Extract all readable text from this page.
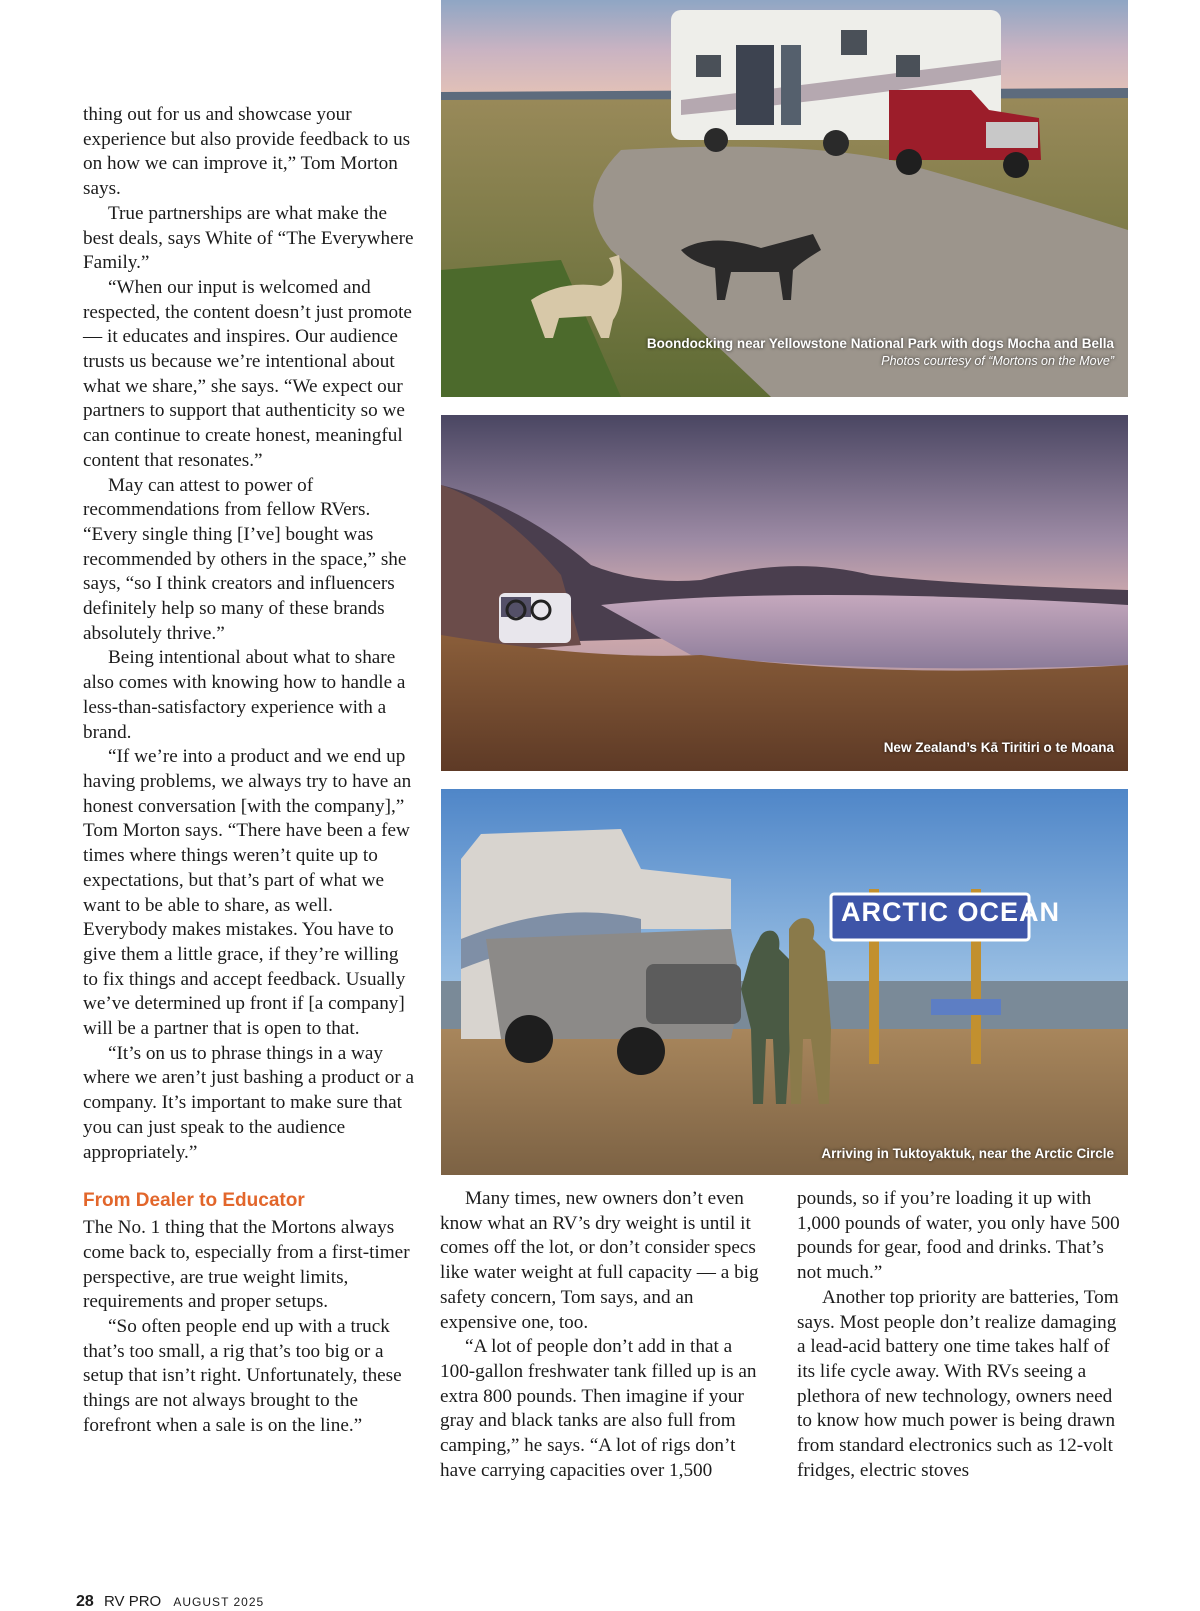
thing out for us and showcase your experience but also provide feedback to us on how we can improve it,” Tom Morton says.

True partnerships are what make the best deals, says White of “The Everywhere Family.”

“When our input is welcomed and respected, the content doesn’t just promote — it educates and inspires. Our audience trusts us because we’re intentional about what we share,” she says. “We expect our partners to support that authenticity so we can continue to create honest, meaningful content that resonates.”

May can attest to power of recommendations from fellow RVers. “Every single thing [I’ve] bought was recommended by others in the space,” she says, “so I think creators and influencers definitely help so many of these brands absolutely thrive.”

Being intentional about what to share also comes with knowing how to handle a less-than-satisfactory experience with a brand.

“If we’re into a product and we end up having problems, we always try to have an honest conversation [with the company],” Tom Morton says. “There have been a few times where things weren’t quite up to expectations, but that’s part of what we want to be able to share, as well. Everybody makes mistakes. You have to give them a little grace, if they’re willing to fix things and accept feedback. Usually we’ve determined up front if [a company] will be a partner that is open to that.

“It’s on us to phrase things in a way where we aren’t just bashing a product or a company. It’s important to make sure that you can just speak to the audience appropriately.”

From Dealer to Educator

The No. 1 thing that the Mortons always come back to, especially from a first-timer perspective, are true weight limits, requirements and proper setups.

“So often people end up with a truck that’s too small, a rig that’s too big or a setup that isn’t right. Unfortunately, these things are not always brought to the forefront when a sale is on the line.”

Boondocking near Yellowstone National Park with dogs Mocha and Bella
Photos courtesy of “Mortons on the Move”
New Zealand’s Kā Tiritiri o te Moana
ARCTIC OCEAN
Arriving in Tuktoyaktuk, near the Arctic Circle

Many times, new owners don’t even know what an RV’s dry weight is until it comes off the lot, or don’t consider specs like water weight at full capacity — a big safety concern, Tom says, and an expensive one, too.

“A lot of people don’t add in that a 100-gallon freshwater tank filled up is an extra 800 pounds. Then imagine if your gray and black tanks are also full from camping,” he says. “A lot of rigs don’t have carrying capacities over 1,500

pounds, so if you’re loading it up with 1,000 pounds of water, you only have 500 pounds for gear, food and drinks. That’s not much.”

Another top priority are batteries, Tom says. Most people don’t realize damaging a lead-acid battery one time takes half of its life cycle away. With RVs seeing a plethora of new technology, owners need to know how much power is being drawn from standard electronics such as 12-volt fridges, electric stoves

28 RV PRO AUGUST 2025
